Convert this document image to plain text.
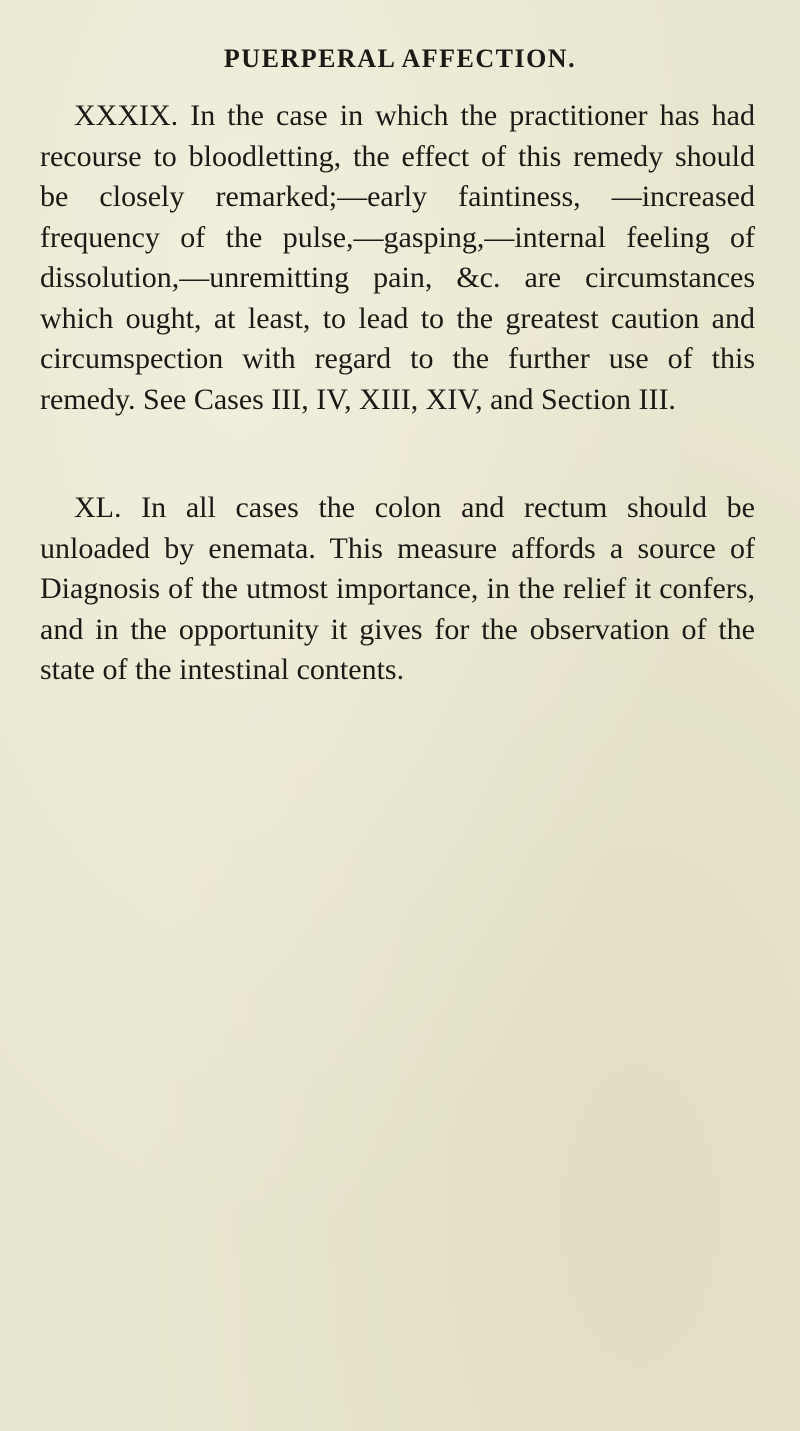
PUERPERAL AFFECTION.

XXXIX. In the case in which the practitioner has had recourse to bloodletting, the effect of this remedy should be closely remarked;—early faintiness, —increased frequency of the pulse,—gasping,—internal feeling of dissolution,—unremitting pain, &c. are circumstances which ought, at least, to lead to the greatest caution and circumspection with regard to the further use of this remedy. See Cases III, IV, XIII, XIV, and Section III.

XL. In all cases the colon and rectum should be unloaded by enemata. This measure affords a source of Diagnosis of the utmost importance, in the relief it confers, and in the opportunity it gives for the observation of the state of the intestinal contents.
